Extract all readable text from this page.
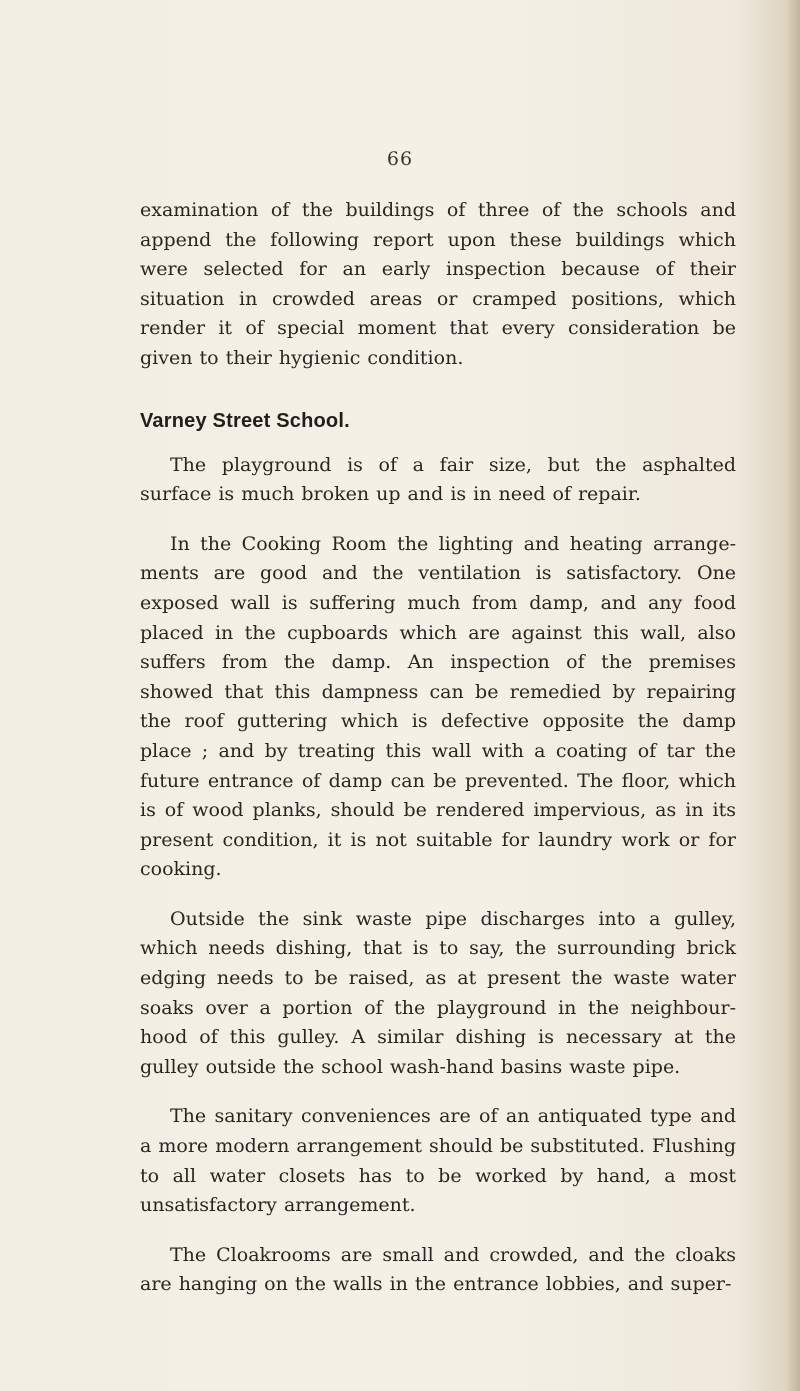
66

examination of the buildings of three of the schools and append the following report upon these buildings which were selected for an early inspection because of their situation in crowded areas or cramped positions, which render it of special moment that every consideration be given to their hygienic condition.

Varney Street School.

The playground is of a fair size, but the asphalted surface is much broken up and is in need of repair.

In the Cooking Room the lighting and heating arrange-ments are good and the ventilation is satisfactory. One exposed wall is suffering much from damp, and any food placed in the cupboards which are against this wall, also suffers from the damp. An inspection of the premises showed that this dampness can be remedied by repairing the roof guttering which is defective opposite the damp place ; and by treating this wall with a coating of tar the future entrance of damp can be prevented. The floor, which is of wood planks, should be rendered impervious, as in its present condition, it is not suitable for laundry work or for cooking.

Outside the sink waste pipe discharges into a gulley, which needs dishing, that is to say, the surrounding brick edging needs to be raised, as at present the waste water soaks over a portion of the playground in the neighbour-hood of this gulley. A similar dishing is necessary at the gulley outside the school wash-hand basins waste pipe.

The sanitary conveniences are of an antiquated type and a more modern arrangement should be substituted. Flushing to all water closets has to be worked by hand, a most unsatisfactory arrangement.

The Cloakrooms are small and crowded, and the cloaks are hanging on the walls in the entrance lobbies, and super-
